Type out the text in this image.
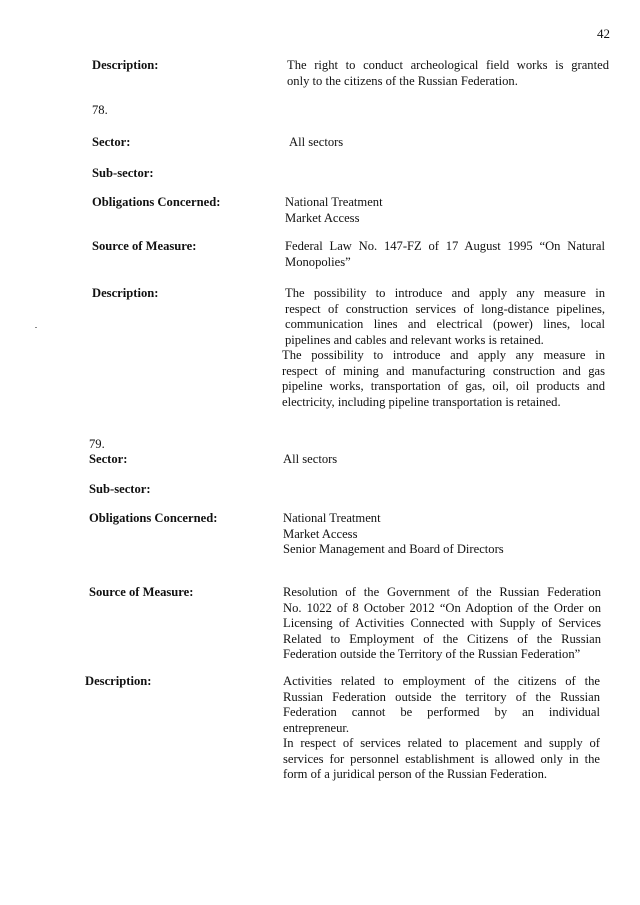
42
Description:	The right to conduct archeological field works is granted
only to the citizens of the Russian Federation.
78.
Sector:	All sectors
Sub-sector:
Obligations Concerned:	National Treatment
Market Access
Source of Measure:	Federal Law No. 147-FZ of 17 August 1995 “On Natural
Monopolies”
Description:	The possibility to introduce and apply any measure in
respect of construction services of long-distance pipelines,
communication lines and electrical (power) lines, local
pipelines and cables and relevant works is retained.
The possibility to introduce and apply any measure in
respect of mining and manufacturing construction and gas
pipeline works, transportation of gas, oil, oil products and
electricity, including pipeline transportation is retained.
79.
Sector:	All sectors
Sub-sector:
Obligations Concerned:	National Treatment
Market Access
Senior Management and Board of Directors
Source of Measure:	Resolution of the Government of the Russian Federation
No. 1022 of 8 October 2012 “On Adoption of the Order on
Licensing of Activities Connected with Supply of Services
Related to Employment of the Citizens of the Russian
Federation outside the Territory of the Russian Federation”
Description:	Activities related to employment of the citizens of the
Russian Federation outside the territory of the Russian
Federation cannot be performed by an individual
entrepreneur.
In respect of services related to placement and supply of
services for personnel establishment is allowed only in the
form of a juridical person of the Russian Federation.
